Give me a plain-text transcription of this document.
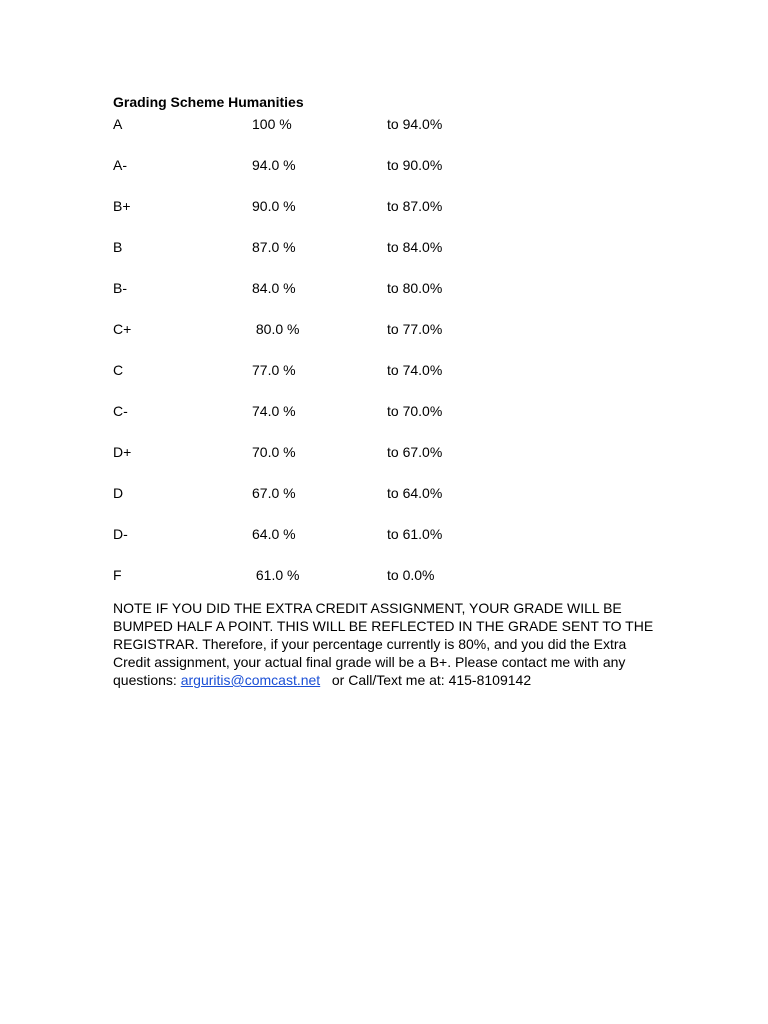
Grading Scheme Humanities
A	100 %	to 94.0%
A-	94.0 %	to 90.0%
B+	90.0 %	to 87.0%
B	87.0 %	to 84.0%
B-	84.0 %	to 80.0%
C+	80.0 %	to 77.0%
C	77.0 %	to 74.0%
C-	74.0 %	to 70.0%
D+	70.0 %	to 67.0%
D	67.0 %	to 64.0%
D-	64.0 %	to 61.0%
F	61.0 %	to 0.0%

NOTE IF YOU DID THE EXTRA CREDIT ASSIGNMENT, YOUR GRADE WILL BE BUMPED HALF A POINT. THIS WILL BE REFLECTED IN THE GRADE SENT TO THE REGISTRAR. Therefore, if your percentage currently is 80%, and you did the Extra Credit assignment, your actual final grade will be a B+. Please contact me with any questions: arguritis@comcast.net   or Call/Text me at: 415-8109142
